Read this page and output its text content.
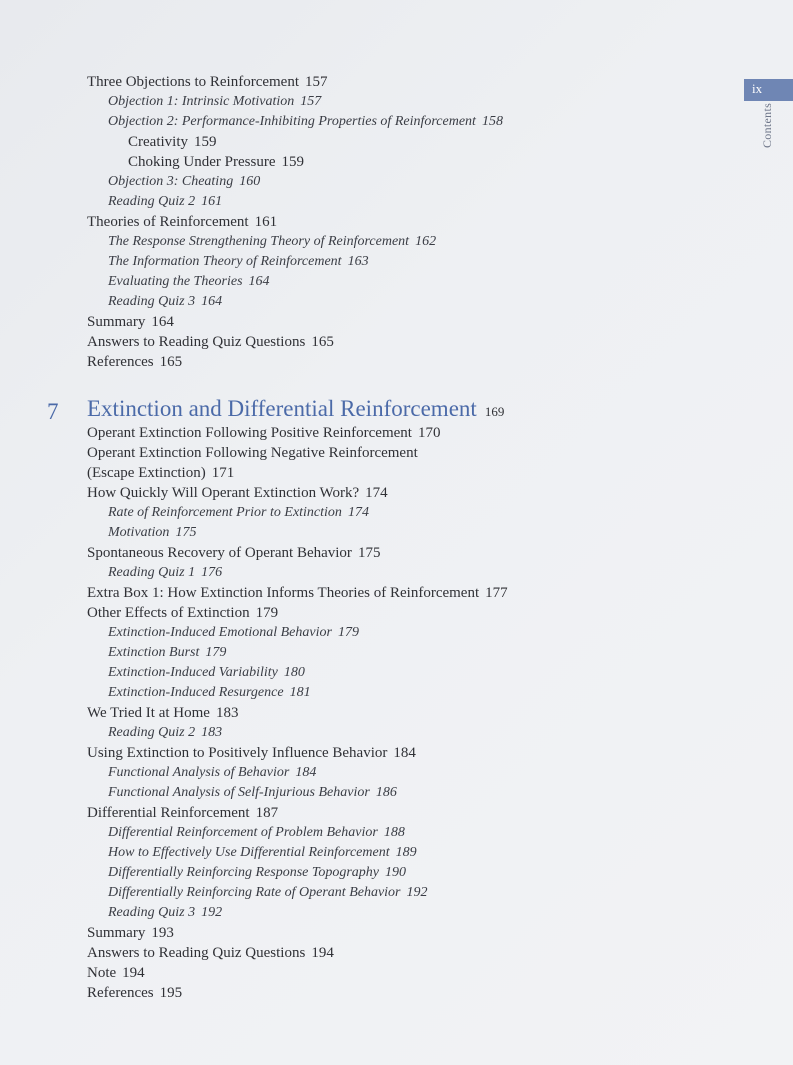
ix
Contents
Three Objections to Reinforcement 157
Objection 1: Intrinsic Motivation 157
Objection 2: Performance-Inhibiting Properties of Reinforcement 158
Creativity 159
Choking Under Pressure 159
Objection 3: Cheating 160
Reading Quiz 2 161
Theories of Reinforcement 161
The Response Strengthening Theory of Reinforcement 162
The Information Theory of Reinforcement 163
Evaluating the Theories 164
Reading Quiz 3 164
Summary 164
Answers to Reading Quiz Questions 165
References 165
7 Extinction and Differential Reinforcement 169
Operant Extinction Following Positive Reinforcement 170
Operant Extinction Following Negative Reinforcement
(Escape Extinction) 171
How Quickly Will Operant Extinction Work? 174
Rate of Reinforcement Prior to Extinction 174
Motivation 175
Spontaneous Recovery of Operant Behavior 175
Reading Quiz 1 176
Extra Box 1: How Extinction Informs Theories of Reinforcement 177
Other Effects of Extinction 179
Extinction-Induced Emotional Behavior 179
Extinction Burst 179
Extinction-Induced Variability 180
Extinction-Induced Resurgence 181
We Tried It at Home 183
Reading Quiz 2 183
Using Extinction to Positively Influence Behavior 184
Functional Analysis of Behavior 184
Functional Analysis of Self-Injurious Behavior 186
Differential Reinforcement 187
Differential Reinforcement of Problem Behavior 188
How to Effectively Use Differential Reinforcement 189
Differentially Reinforcing Response Topography 190
Differentially Reinforcing Rate of Operant Behavior 192
Reading Quiz 3 192
Summary 193
Answers to Reading Quiz Questions 194
Note 194
References 195
